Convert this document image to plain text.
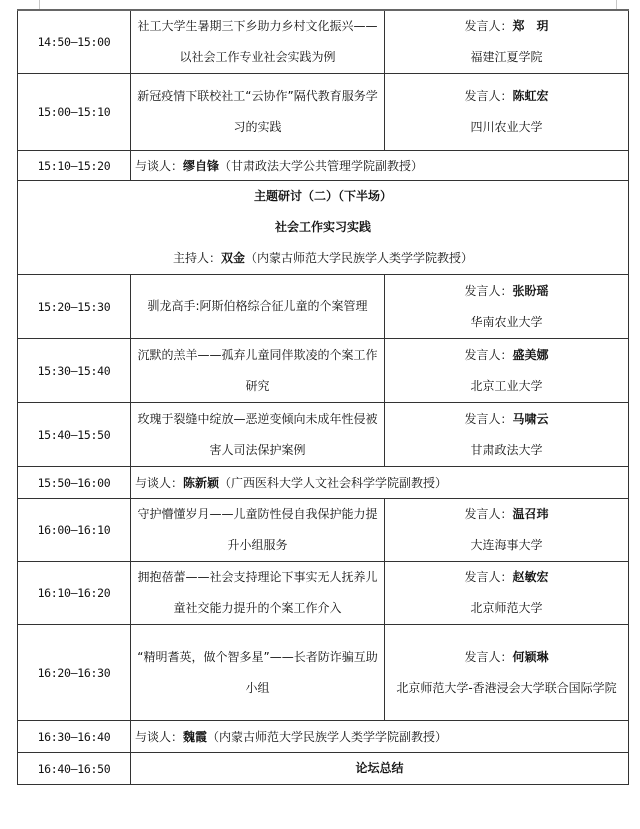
14:50—15:00	社工大学生暑期三下乡助力乡村文化振兴——以社会工作专业社会实践为例	发言人：郑　玥
福建江夏学院

15:00—15:10	新冠疫情下联校社工“云协作”隔代教育服务学习的实践	发言人：陈虹宏
四川农业大学

15:10—15:20	与谈人：缪自锋（甘肃政法大学公共管理学院副教授）	

主题研讨（二）（下半场）
社会工作实习实践
主持人：双金（内蒙古师范大学民族学人类学学院教授）		

15:20—15:30	驯龙高手:阿斯伯格综合征儿童的个案管理	发言人：张盼瑶
华南农业大学

15:30—15:40	沉默的羔羊——孤弃儿童同伴欺凌的个案工作研究	发言人：盛美娜
北京工业大学

15:40—15:50	玫瑰于裂缝中绽放—恶逆变倾向未成年性侵被害人司法保护案例	发言人：马啸云
甘肃政法大学

15:50—16:00	与谈人：陈新颖（广西医科大学人文社会科学学院副教授）	
16:00—16:10	守护懵懂岁月——儿童防性侵自我保护能力提升小组服务	发言人：温召玮
大连海事大学

16:10—16:20	拥抱蓓蕾——社会支持理论下事实无人抚养儿童社交能力提升的个案工作介入	发言人：赵敏宏
北京师范大学

16:20—16:30	“精明耆英，做个智多星”——长者防诈骗互助小组	发言人：何颖琳
北京师范大学-香港浸会大学联合国际学院

16:30—16:40	与谈人：魏霞（内蒙古师范大学民族学人类学学院副教授）	
16:40—16:50	论坛总结	
